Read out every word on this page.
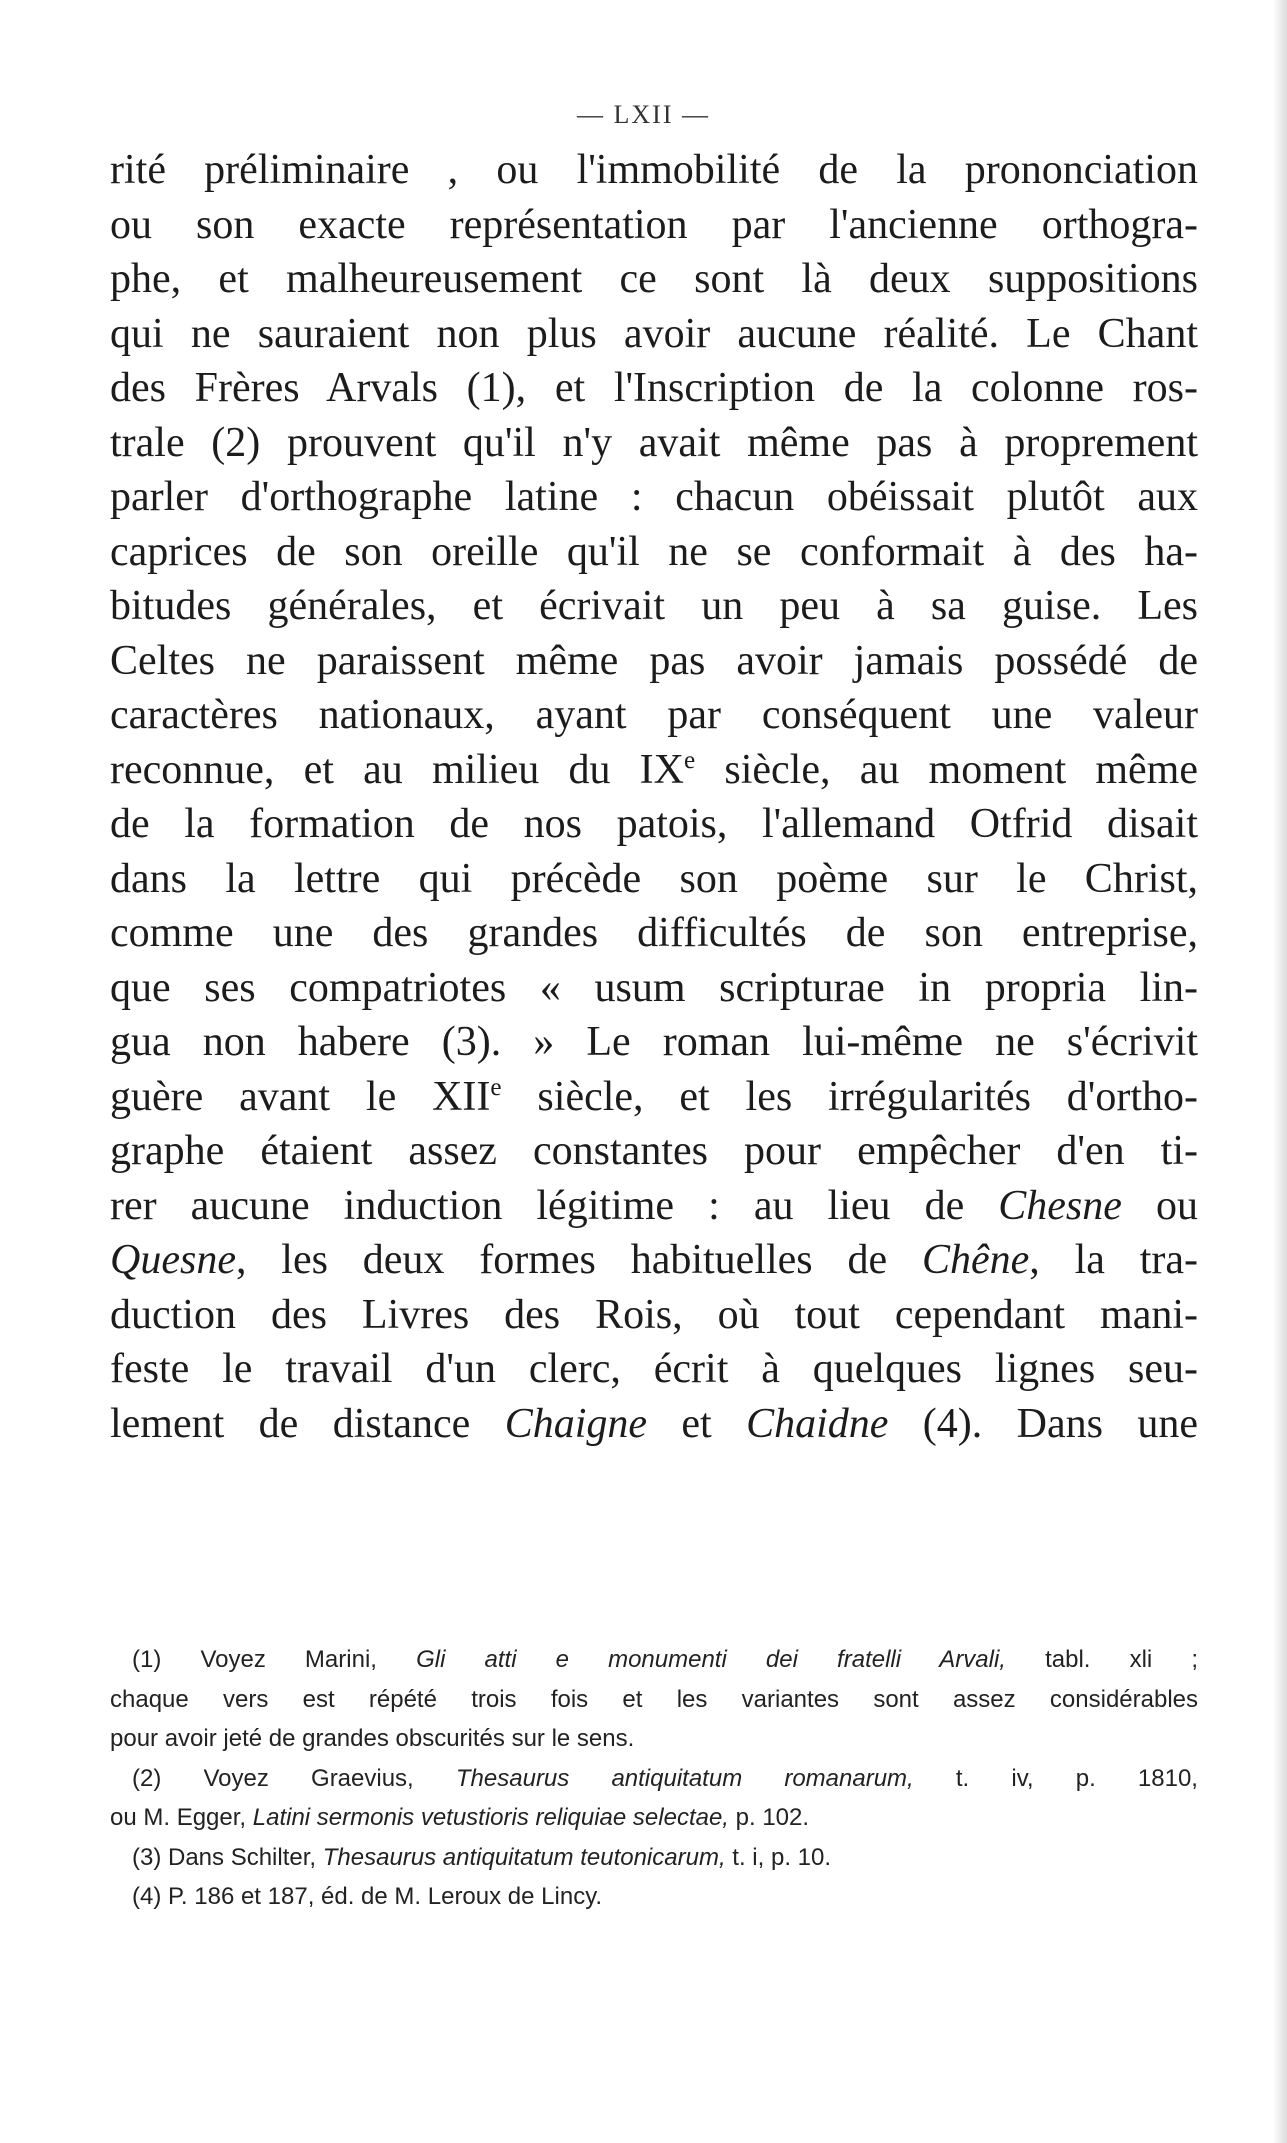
— LXII —
rité préliminaire , ou l'immobilité de la prononciation
ou son exacte représentation par l'ancienne orthogra-
phe, et malheureusement ce sont là deux suppositions
qui ne sauraient non plus avoir aucune réalité. Le Chant
des Frères Arvals (1), et l'Inscription de la colonne ros-
trale (2) prouvent qu'il n'y avait même pas à proprement
parler d'orthographe latine : chacun obéissait plutôt aux
caprices de son oreille qu'il ne se conformait à des ha-
bitudes générales, et écrivait un peu à sa guise. Les
Celtes ne paraissent même pas avoir jamais possédé de
caractères nationaux, ayant par conséquent une valeur
reconnue, et au milieu du IXe siècle, au moment même
de la formation de nos patois, l'allemand Otfrid disait
dans la lettre qui précède son poème sur le Christ,
comme une des grandes difficultés de son entreprise,
que ses compatriotes « usum scripturae in propria lin-
gua non habere (3). » Le roman lui-même ne s'écrivit
guère avant le XIIe siècle, et les irrégularités d'ortho-
graphe étaient assez constantes pour empêcher d'en ti-
rer aucune induction légitime : au lieu de Chesne ou
Quesne, les deux formes habituelles de Chêne, la tra-
duction des Livres des Rois, où tout cependant mani-
feste le travail d'un clerc, écrit à quelques lignes seu-
lement de distance Chaigne et Chaidne (4). Dans une
(1) Voyez Marini, Gli atti e monumenti dei fratelli Arvali, tabl. xli ;
chaque vers est répété trois fois et les variantes sont assez considérables
pour avoir jeté de grandes obscurités sur le sens.
(2) Voyez Graevius, Thesaurus antiquitatum romanarum, t. iv, p. 1810,
ou M. Egger, Latini sermonis vetustioris reliquiae selectae, p. 102.
(3) Dans Schilter, Thesaurus antiquitatum teutonicarum, t. i, p. 10.
(4) P. 186 et 187, éd. de M. Leroux de Lincy.
